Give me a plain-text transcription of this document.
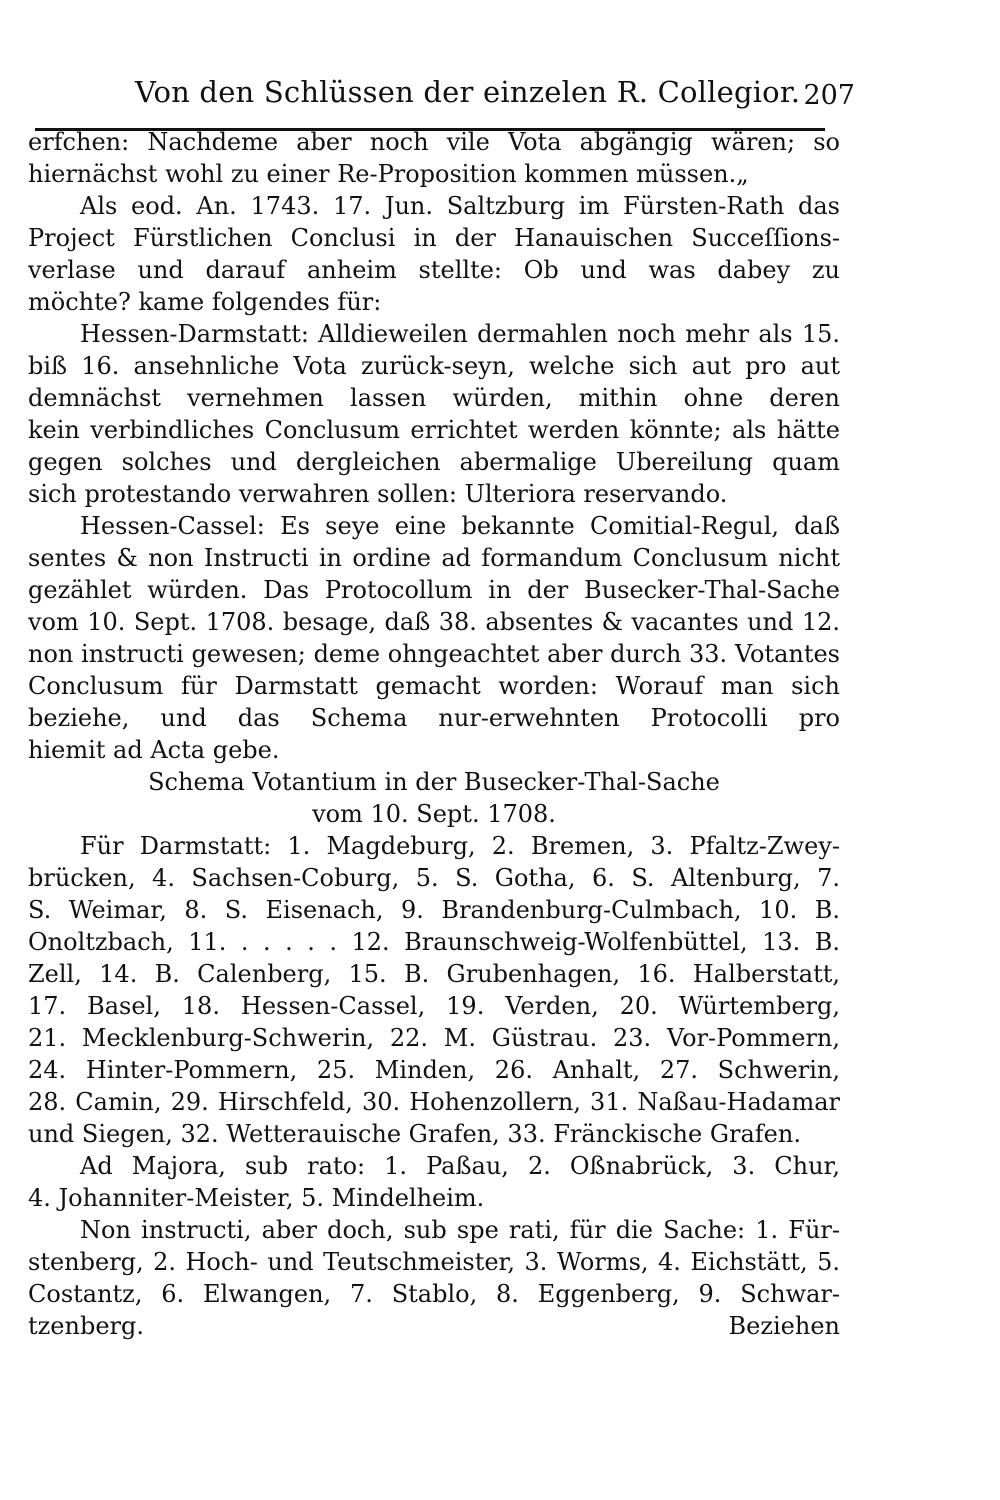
Von den Schlüssen der einzelen R. Collegior. 207
erfchen: Nachdeme aber noch vile Vota abgängig wären; so
hiernächst wohl zu einer Re-Proposition kommen müssen.„
Als eod. An. 1743. 17. Jun. Saltzburg im Fürsten-Rath das
Project Fürstlichen Conclusi in der Hanauischen Succeſſions-
verlase und darauf anheim stellte: Ob und was dabey zu
möchte? kame folgendes für:
Hessen-Darmstatt: Alldieweilen dermahlen noch mehr als 15.
biß 16. ansehnliche Vota zurück-seyn, welche sich aut pro aut
demnächst vernehmen lassen würden, mithin ohne deren
kein verbindliches Conclusum errichtet werden könnte; als hätte
gegen solches und dergleichen abermalige Ubereilung quam
sich protestando verwahren sollen: Ulteriora reservando.
Hessen-Cassel: Es seye eine bekannte Comitial-Regul, daß
sentes & non Instructi in ordine ad formandum Conclusum nicht
gezählet würden. Das Protocollum in der Busecker-Thal-Sache
vom 10. Sept. 1708. besage, daß 38. absentes & vacantes und 12.
non instructi gewesen; deme ohngeachtet aber durch 33. Votantes
Conclusum für Darmstatt gemacht worden: Worauf man sich
beziehe, und das Schema nur-erwehnten Protocolli pro
hiemit ad Acta gebe.
Schema Votantium in der Busecker-Thal-Sache
vom 10. Sept. 1708.
Für Darmstatt: 1. Magdeburg, 2. Bremen, 3. Pfaltz-Zwey-
brücken, 4. Sachsen-Coburg, 5. S. Gotha, 6. S. Altenburg, 7.
S. Weimar, 8. S. Eisenach, 9. Brandenburg-Culmbach, 10. B.
Onoltzbach, 11. . . . . . 12. Braunschweig-Wolfenbüttel, 13. B.
Zell, 14. B. Calenberg, 15. B. Grubenhagen, 16. Halberstatt,
17. Basel, 18. Hessen-Cassel, 19. Verden, 20. Würtemberg,
21. Mecklenburg-Schwerin, 22. M. Güstrau. 23. Vor-Pommern,
24. Hinter-Pommern, 25. Minden, 26. Anhalt, 27. Schwerin,
28. Camin, 29. Hirschfeld, 30. Hohenzollern, 31. Naßau-Hadamar
und Siegen, 32. Wetterauische Grafen, 33. Fränckische Grafen.
Ad Majora, sub rato: 1. Paßau, 2. Oßnabrück, 3. Chur,
4. Johanniter-Meister, 5. Mindelheim.
Non instructi, aber doch, sub spe rati, für die Sache: 1. Für-
stenberg, 2. Hoch- und Teutschmeister, 3. Worms, 4. Eichstätt, 5.
Costantz, 6. Elwangen, 7. Stablo, 8. Eggenberg, 9. Schwar-
tzenberg.	Beziehen
